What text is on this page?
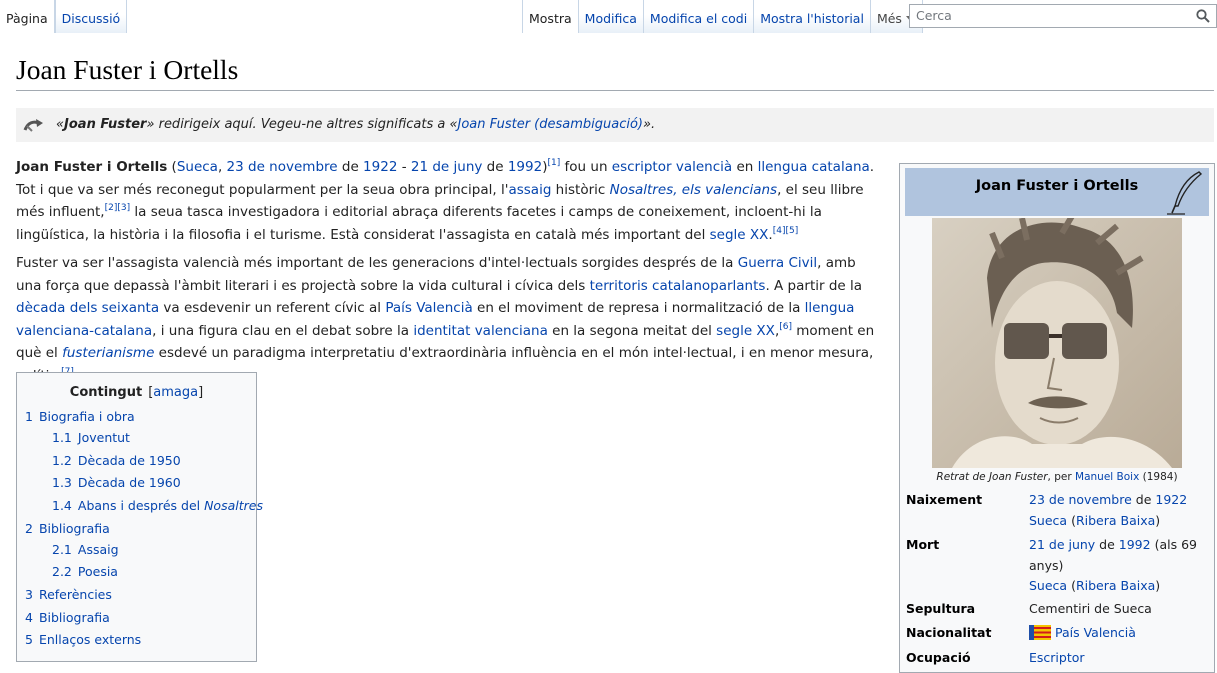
Pàgina	Discussió	Mostra	Modifica	Modifica el codi	Mostra l'historial	Més	Cerca
Joan Fuster i Ortells
«Joan Fuster» redirigeix aquí. Vegeu-ne altres significats a «Joan Fuster (desambiguació)».

Joan Fuster i Ortells (Sueca, 23 de novembre de 1922 - 21 de juny de 1992)[1] fou un escriptor valencià en llengua catalana. Tot i que va ser més reconegut popularment per la seua obra principal, l'assaig històric Nosaltres, els valencians, el seu llibre més influent,[2][3] la seua tasca investigadora i editorial abraça diferents facetes i camps de coneixement, incloent-hi la lingüística, la història i la filosofia i el turisme. Està considerat l'assagista en català més important del segle XX.[4][5]

Fuster va ser l'assagista valencià més important de les generacions d'intel·lectuals sorgides després de la Guerra Civil, amb una força que depassà l'àmbit literari i es projectà sobre la vida cultural i cívica dels territoris catalanoparlants. A partir de la dècada dels seixanta va esdevenir un referent cívic al País Valencià en el moviment de represa i normalització de la llengua valenciana-catalana, i una figura clau en el debat sobre la identitat valenciana en la segona meitat del segle XX,[6] moment en què el fusterianisme esdevé un paradigma interpretatiu d'extraordinària influència en el món intel·lectual, i en menor mesura,

Contingut [amaga]
1 Biografia i obra
1.1 Joventut
1.2 Dècada de 1950
1.3 Dècada de 1960
1.4 Abans i després del Nosaltres
2 Bibliografia
2.1 Assaig
2.2 Poesia
3 Referències
4 Bibliografia
5 Enllaços externs
Joan Fuster i Ortells
Retrat de Joan Fuster, per Manuel Boix (1984)
Naixement	23 de novembre de 1922
Sueca (Ribera Baixa)
Mort	21 de juny de 1992 (als 69 anys)
Sueca (Ribera Baixa)
Sepultura	Cementiri de Sueca
Nacionalitat	País Valencià
Ocupació	Escriptor
